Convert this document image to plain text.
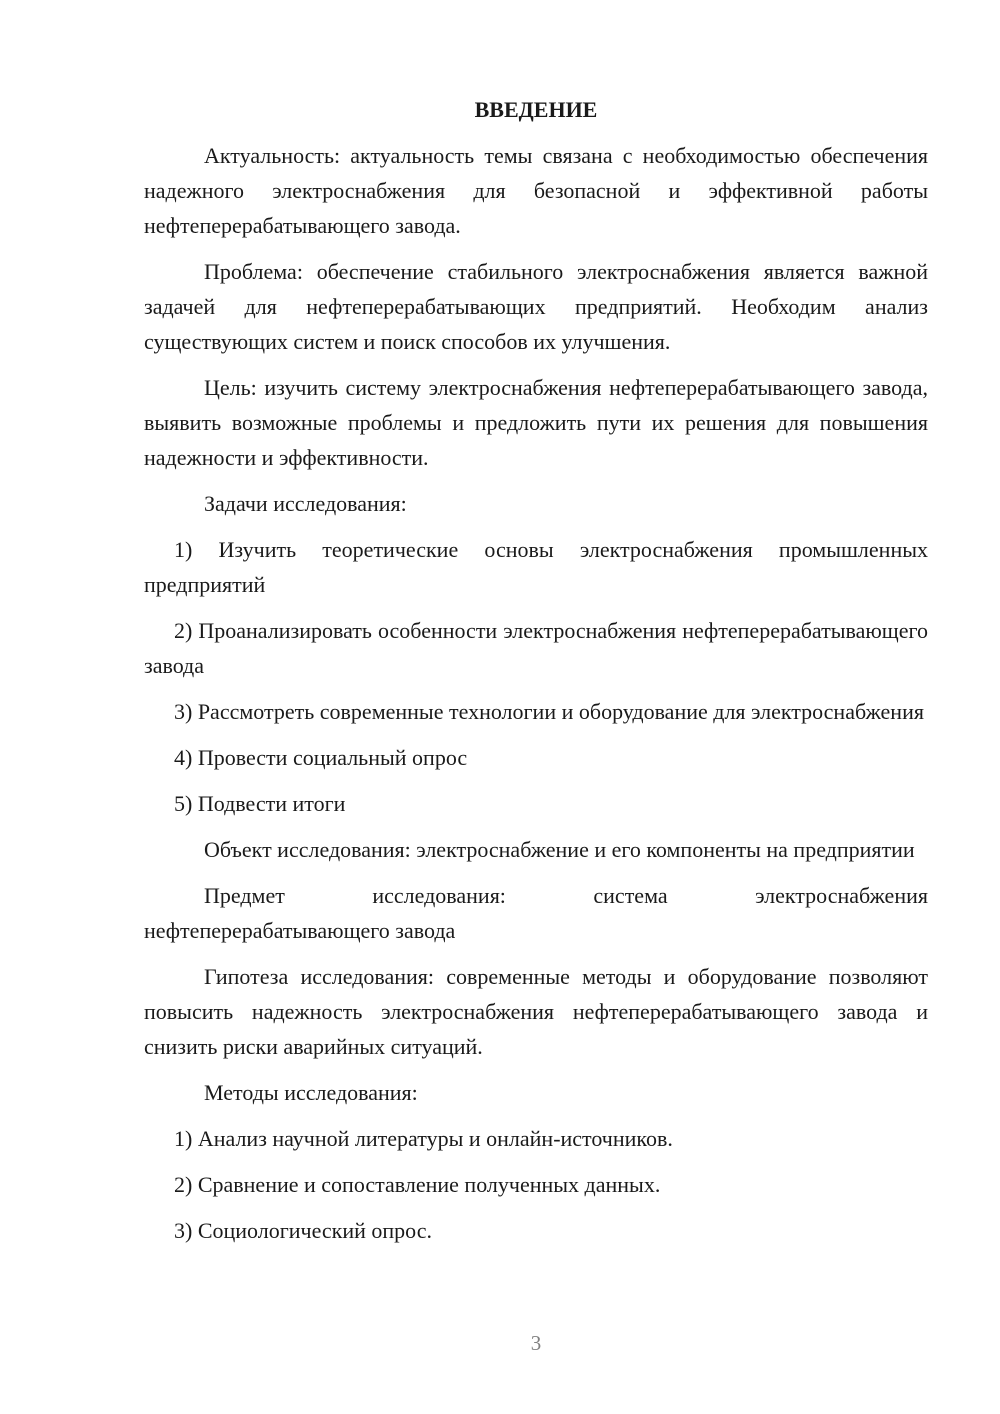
ВВЕДЕНИЕ
Актуальность: актуальность темы связана с необходимостью обеспечения надежного электроснабжения для безопасной и эффективной работы нефтеперерабатывающего завода.
Проблема: обеспечение стабильного электроснабжения является важной задачей для нефтеперерабатывающих предприятий. Необходим анализ существующих систем и поиск способов их улучшения.
Цель: изучить систему электроснабжения нефтеперерабатывающего завода, выявить возможные проблемы и предложить пути их решения для повышения надежности и эффективности.
Задачи исследования:
1) Изучить теоретические основы электроснабжения промышленных предприятий
2) Проанализировать особенности электроснабжения нефтеперерабатывающего завода
3) Рассмотреть современные технологии и оборудование для электроснабжения
4) Провести социальный опрос
5) Подвести итоги
Объект исследования: электроснабжение и его компоненты на предприятии
Предмет исследования: система электроснабжения нефтеперерабатывающего завода
Гипотеза исследования: современные методы и оборудование позволяют повысить надежность электроснабжения нефтеперерабатывающего завода и снизить риски аварийных ситуаций.
Методы исследования:
1) Анализ научной литературы и онлайн-источников.
2) Сравнение и сопоставление полученных данных.
3) Социологический опрос.
3
